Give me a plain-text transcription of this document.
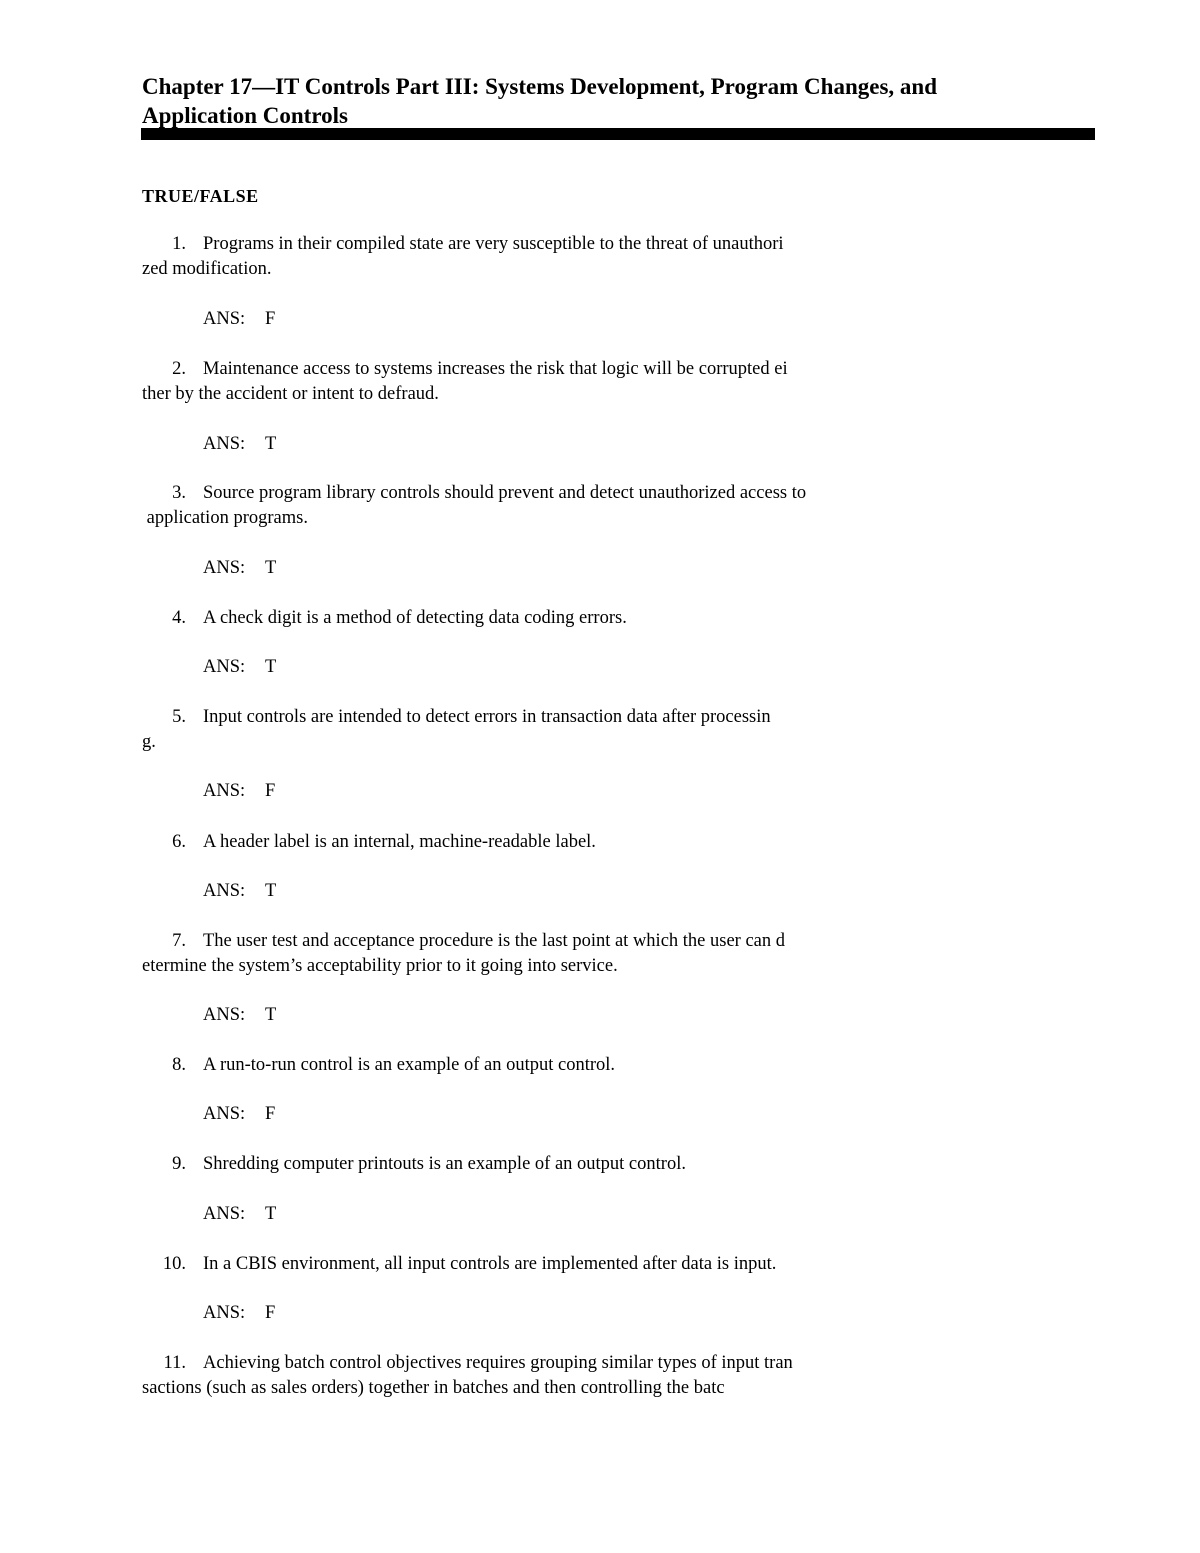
Chapter 17—IT Controls Part III: Systems Development, Program Changes, and
Application Controls
TRUE/FALSE
1. Programs in their compiled state are very susceptible to the threat of unauthori
zed modification.
ANS: F
2. Maintenance access to systems increases the risk that logic will be corrupted ei
ther by the accident or intent to defraud.
ANS: T
3. Source program library controls should prevent and detect unauthorized access to
application programs.
ANS: T
4. A check digit is a method of detecting data coding errors.
ANS: T
5. Input controls are intended to detect errors in transaction data after processin
g.
ANS: F
6. A header label is an internal, machine-readable label.
ANS: T
7. The user test and acceptance procedure is the last point at which the user can d
etermine the system’s acceptability prior to it going into service.
ANS: T
8. A run-to-run control is an example of an output control.
ANS: F
9. Shredding computer printouts is an example of an output control.
ANS: T
10. In a CBIS environment, all input controls are implemented after data is input.
ANS: F
11. Achieving batch control objectives requires grouping similar types of input tran
sactions (such as sales orders) together in batches and then controlling the batc
